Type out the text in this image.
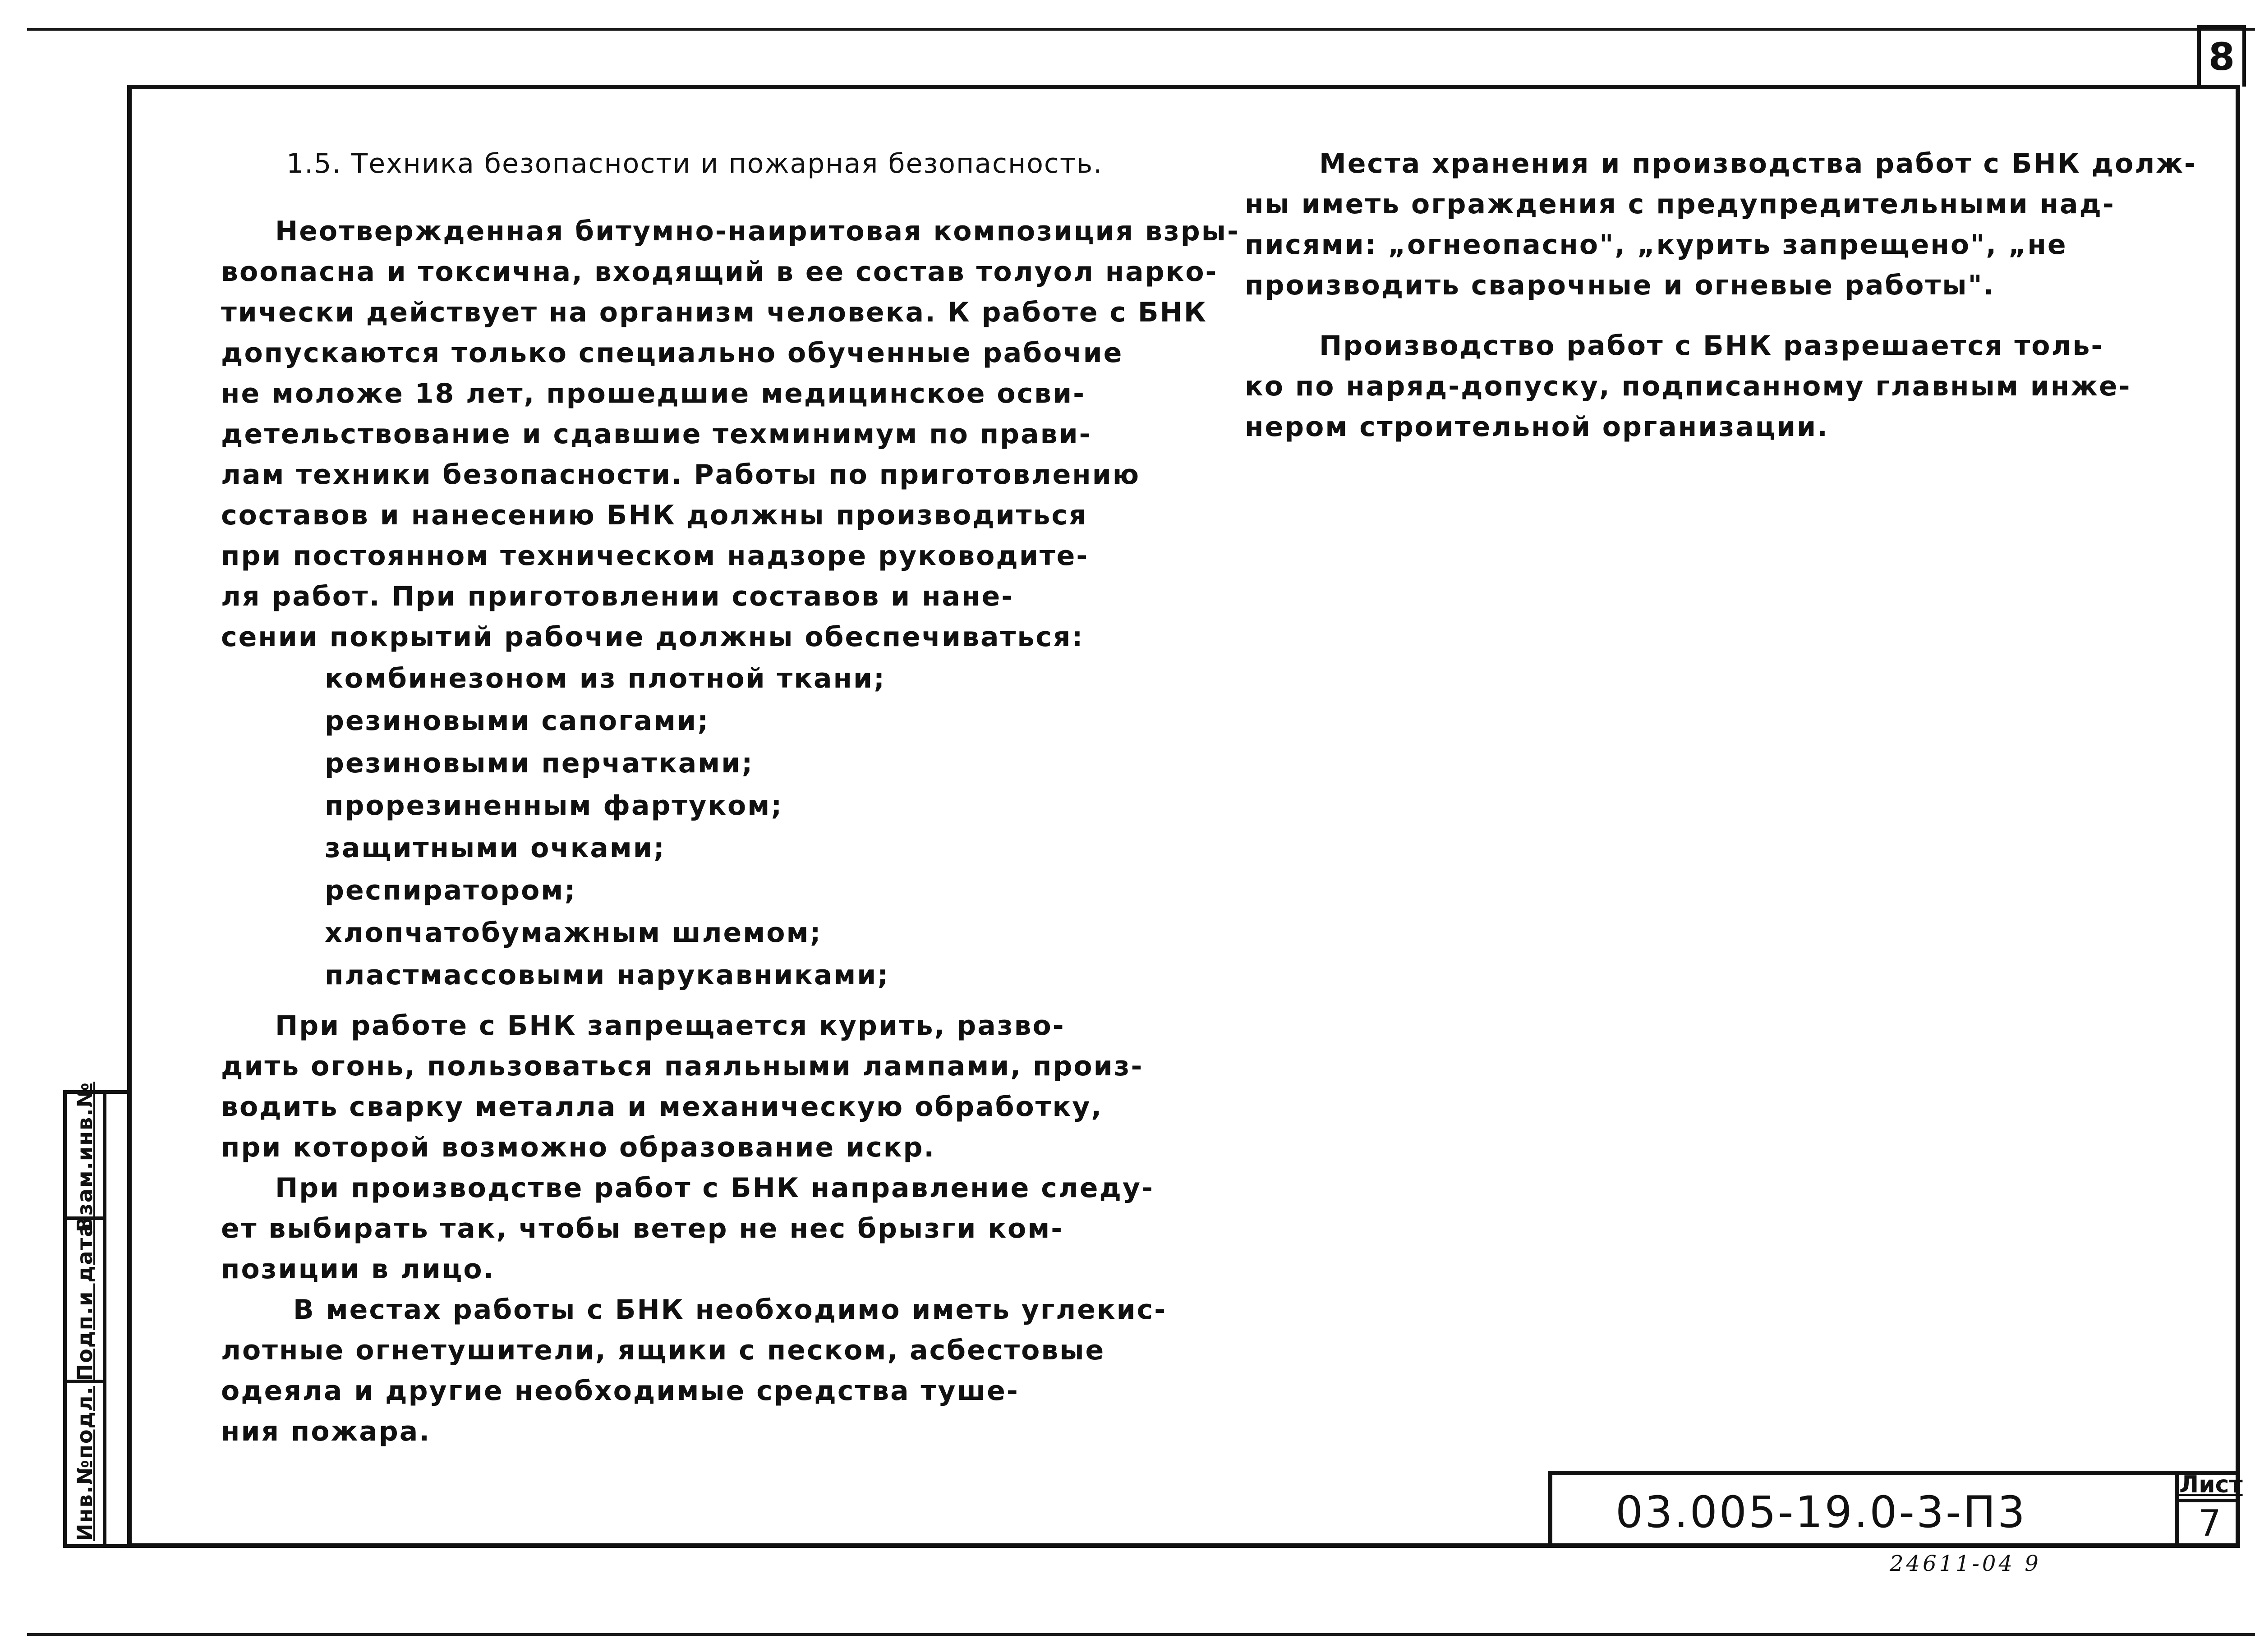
8
1.5. Техника безопасности и пожарная безопасность.
Неотвержденная битумно-наиритовая композиция взры-
воопасна и токсична, входящий в ее состав толуол нарко-
тически действует на организм человека. К работе с БНК
допускаются только специально обученные рабочие
не моложе 18 лет, прошедшие медицинское осви-
детельствование и сдавшие техминимум по прави-
лам техники безопасности. Работы по приготовлению
составов и нанесению БНК должны производиться
при постоянном техническом надзоре руководите-
ля работ. При приготовлении составов и нане-
сении покрытий рабочие должны обеспечиваться:
комбинезоном из плотной ткани;
резиновыми сапогами;
резиновыми перчатками;
прорезиненным фартуком;
защитными очками;
респиратором;
хлопчатобумажным шлемом;
пластмассовыми нарукавниками;
При работе с БНК запрещается курить, разво-
дить огонь, пользоваться паяльными лампами, произ-
водить сварку металла и механическую обработку,
при которой возможно образование искр.
При производстве работ с БНК направление следу-
ет выбирать так, чтобы ветер не нес брызги ком-
позиции в лицо.
В местах работы с БНК необходимо иметь углекис-
лотные огнетушители, ящики с песком, асбестовые
одеяла и другие необходимые средства туше-
ния пожара.
Места хранения и производства работ с БНК долж-
ны иметь ограждения с предупредительными над-
писями: „огнеопасно", „курить запрещено", „не
производить сварочные и огневые работы".
Производство работ с БНК разрешается толь-
ко по наряд-допуску, подписанному главным инже-
нером строительной организации.
Взам.инв.№
Подп.и дата
Инв.№подл.	03.005-19.0-3-П3
Лист
7
24611-04 9
